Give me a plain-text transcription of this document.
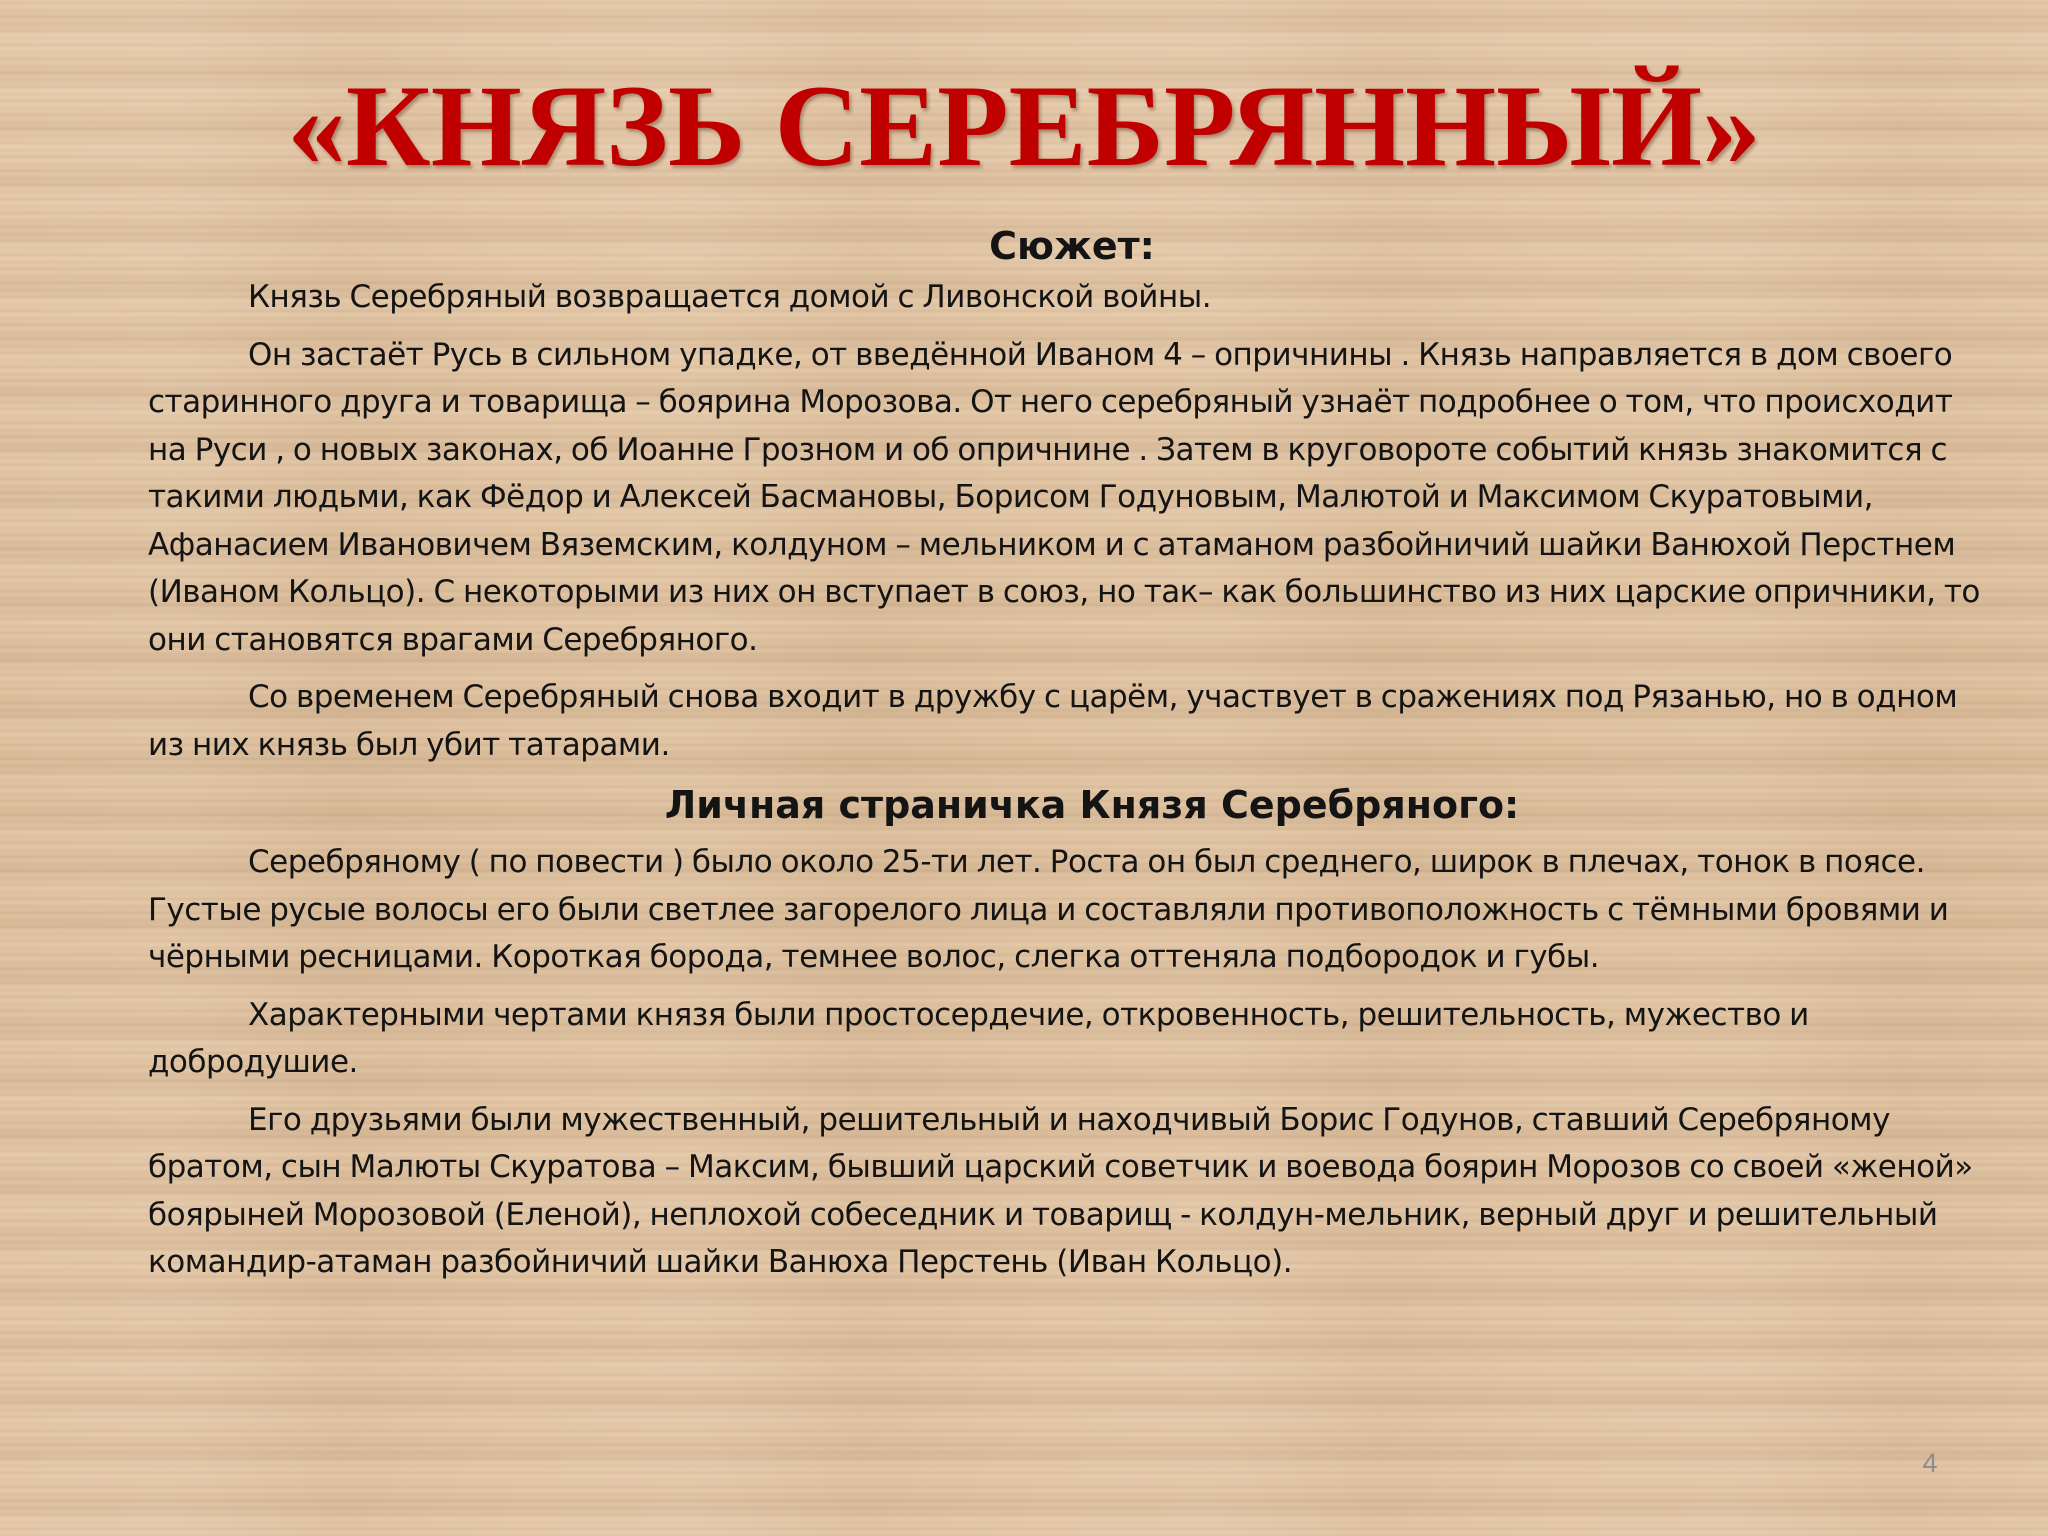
«КНЯЗЬ СЕРЕБРЯННЫЙ»
Сюжет:

Князь Серебряный возвращается домой с Ливонской войны.

Он застаёт Русь в сильном упадке, от введённой Иваном 4 – опричнины . Князь направляется в дом своего старинного друга и товарища – боярина Морозова. От него серебряный узнаёт подробнее о том, что происходит на Руси , о новых законах, об Иоанне Грозном и об опричнине . Затем в круговороте событий князь знакомится с такими людьми, как Фёдор и Алексей Басмановы, Борисом Годуновым, Малютой и Максимом Скуратовыми, Афанасием Ивановичем Вяземским, колдуном – мельником и с атаманом разбойничий шайки Ванюхой Перстнем (Иваном Кольцо). С некоторыми из них он вступает в союз, но так– как большинство из них царские опричники, то они становятся врагами Серебряного.

Со временем Серебряный снова входит в дружбу с царём, участвует в сражениях под Рязанью, но в одном из них князь был убит татарами.

Личная страничка Князя Серебряного:

Серебряному ( по повести ) было около 25-ти лет. Роста он был среднего, широк в плечах, тонок в поясе. Густые русые волосы его были светлее загорелого лица и составляли противоположность с тёмными бровями и чёрными ресницами. Короткая борода, темнее волос, слегка оттеняла подбородок и губы.

Характерными чертами князя были простосердечие, откровенность, решительность, мужество и добродушие.

Его друзьями были мужественный, решительный и находчивый Борис Годунов, ставший Серебряному братом, сын Малюты Скуратова – Максим, бывший царский советчик и воевода боярин Морозов со своей «женой» боярыней Морозовой (Еленой), неплохой собеседник и товарищ - колдун-мельник, верный друг и решительный командир-атаман разбойничий шайки Ванюха Перстень (Иван Кольцо).

4
